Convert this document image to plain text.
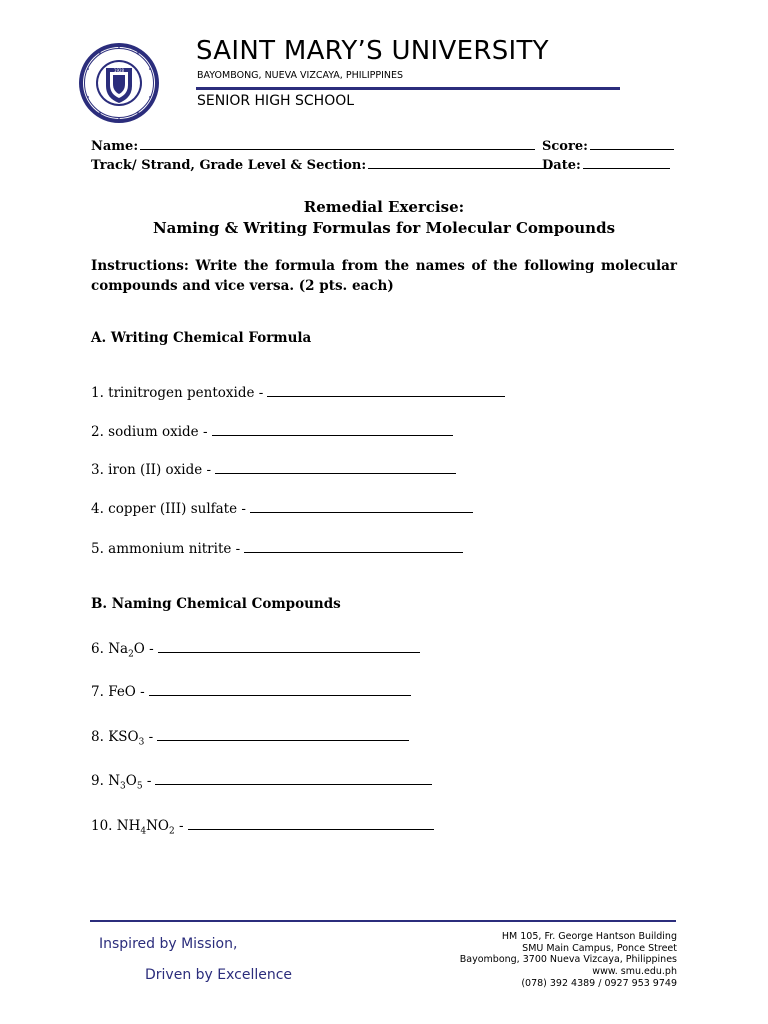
1928
SAINT MARY’S UNIVERSITY
BAYOMBONG, NUEVA VIZCAYA, PHILIPPINES
SENIOR HIGH SCHOOL
Name:	Score:
Track/ Strand, Grade Level & Section:	Date:
Remedial Exercise:
Naming & Writing Formulas for Molecular Compounds
Instructions: Write the formula from the names of the following molecular compounds and vice versa. (2 pts. each)
A. Writing Chemical Formula
1. trinitrogen pentoxide -
2. sodium oxide -
3. iron (II) oxide -
4. copper (III) sulfate -
5. ammonium nitrite -
B. Naming Chemical Compounds
6. $Na_2O$ -
7. FeO -
8. $KSO_3$ -
9. $N_3O_5$ -
10. $NH_4NO_2$ -
Inspired by Mission,
Driven by Excellence
HM 105, Fr. George Hantson Building
SMU Main Campus, Ponce Street
Bayombong, 3700 Nueva Vizcaya, Philippines
www. smu.edu.ph
(078) 392 4389 / 0927 953 9749
